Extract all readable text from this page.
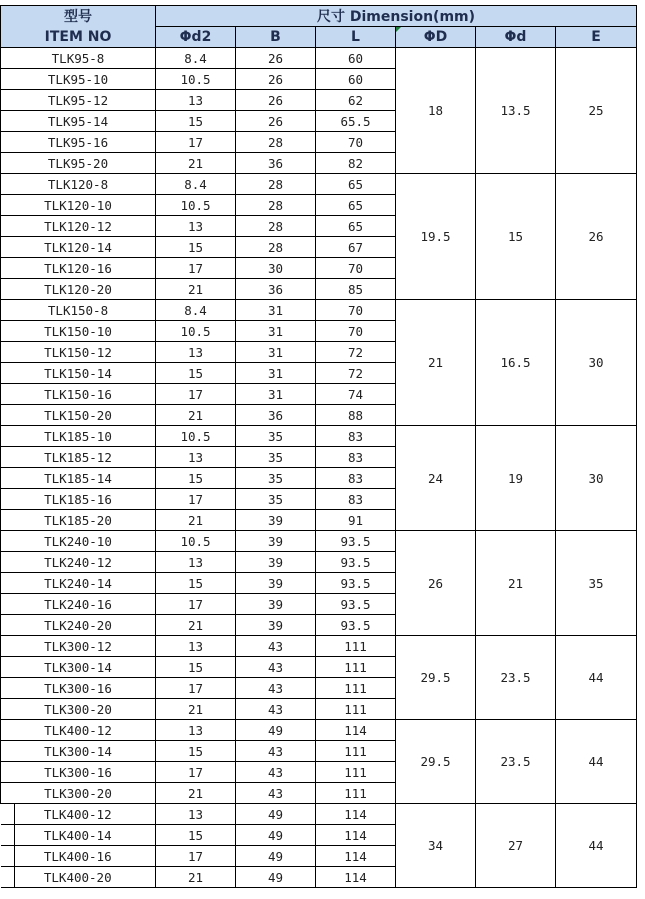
型号
ITEM NO	尺寸 Dimension(mm)					
	Φd2	B	L	ΦD	Φd	E
TLK95-8	8.4	26	60	18	13.5	25
TLK95-10	10.5	26	60			
TLK95-12	13	26	62			
TLK95-14	15	26	65.5			
TLK95-16	17	28	70			
TLK95-20	21	36	82			
TLK120-8	8.4	28	65	19.5	15	26
TLK120-10	10.5	28	65			
TLK120-12	13	28	65			
TLK120-14	15	28	67			
TLK120-16	17	30	70			
TLK120-20	21	36	85			
TLK150-8	8.4	31	70	21	16.5	30
TLK150-10	10.5	31	70			
TLK150-12	13	31	72			
TLK150-14	15	31	72			
TLK150-16	17	31	74			
TLK150-20	21	36	88			
TLK185-10	10.5	35	83	24	19	30
TLK185-12	13	35	83			
TLK185-14	15	35	83			
TLK185-16	17	35	83			
TLK185-20	21	39	91			
TLK240-10	10.5	39	93.5	26	21	35
TLK240-12	13	39	93.5			
TLK240-14	15	39	93.5			
TLK240-16	17	39	93.5			
TLK240-20	21	39	93.5			
TLK300-12	13	43	111	29.5	23.5	44
TLK300-14	15	43	111			
TLK300-16	17	43	111			
TLK300-20	21	43	111			
TLK400-12	13	49	114	29.5	23.5	44
TLK300-14	15	43	111			
TLK300-16	17	43	111			
TLK300-20	21	43	111			
TLK400-12	13	49	114	34	27	44
TLK400-14	15	49	114			
TLK400-16	17	49	114			
TLK400-20	21	49	114			
